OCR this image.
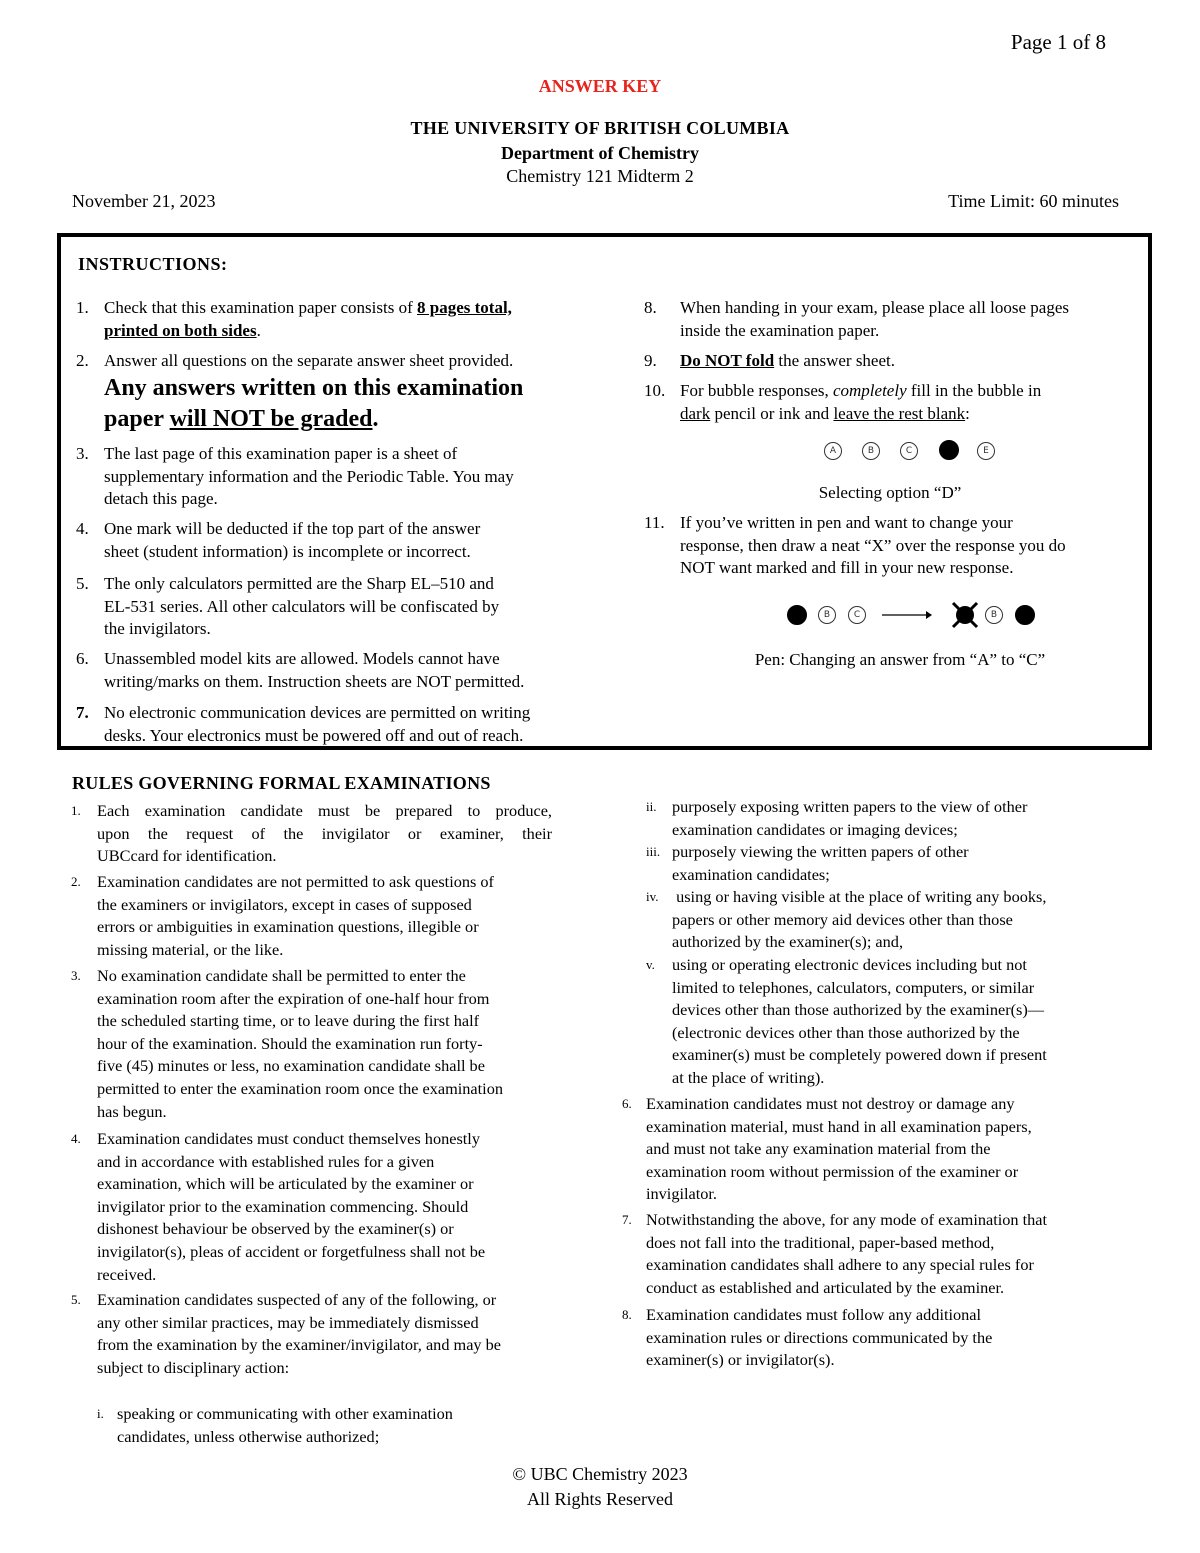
Page 1 of 8
ANSWER KEY
THE UNIVERSITY OF BRITISH COLUMBIA
Department of Chemistry
Chemistry 121 Midterm 2
November 21, 2023	Time Limit: 60 minutes
INSTRUCTIONS:
1. Check that this examination paper consists of 8 pages total,
printed on both sides.
2. Answer all questions on the separate answer sheet provided.
Any answers written on this examination
paper will NOT be graded.
3. The last page of this examination paper is a sheet of
supplementary information and the Periodic Table. You may
detach this page.
4. One mark will be deducted if the top part of the answer
sheet (student information) is incomplete or incorrect.
5. The only calculators permitted are the Sharp EL–510 and
EL-531 series. All other calculators will be confiscated by
the invigilators.
6. Unassembled model kits are allowed. Models cannot have
writing/marks on them. Instruction sheets are NOT permitted.
7. No electronic communication devices are permitted on writing
desks. Your electronics must be powered off and out of reach.
8. When handing in your exam, please place all loose pages
inside the examination paper.
9. Do NOT fold the answer sheet.
10. For bubble responses, completely fill in the bubble in
dark pencil or ink and leave the rest blank:
A	B	C	E
Selecting option “D”
11. If you’ve written in pen and want to change your
response, then draw a neat “X” over the response you do
NOT want marked and fill in your new response.
B	C	B
Pen: Changing an answer from “A” to “C”
RULES GOVERNING FORMAL EXAMINATIONS
1. Each examination candidate must be prepared to produce,
upon the request of the invigilator or examiner, their
UBCcard for identification.
2. Examination candidates are not permitted to ask questions of
the examiners or invigilators, except in cases of supposed
errors or ambiguities in examination questions, illegible or
missing material, or the like.
3. No examination candidate shall be permitted to enter the
examination room after the expiration of one-half hour from
the scheduled starting time, or to leave during the first half
hour of the examination. Should the examination run forty-
five (45) minutes or less, no examination candidate shall be
permitted to enter the examination room once the examination
has begun.
4. Examination candidates must conduct themselves honestly
and in accordance with established rules for a given
examination, which will be articulated by the examiner or
invigilator prior to the examination commencing. Should
dishonest behaviour be observed by the examiner(s) or
invigilator(s), pleas of accident or forgetfulness shall not be
received.
5. Examination candidates suspected of any of the following, or
any other similar practices, may be immediately dismissed
from the examination by the examiner/invigilator, and may be
subject to disciplinary action:
i. speaking or communicating with other examination
candidates, unless otherwise authorized;
ii. purposely exposing written papers to the view of other
examination candidates or imaging devices;
iii. purposely viewing the written papers of other
examination candidates;
iv. using or having visible at the place of writing any books,
papers or other memory aid devices other than those
authorized by the examiner(s); and,
v. using or operating electronic devices including but not
limited to telephones, calculators, computers, or similar
devices other than those authorized by the examiner(s)—
(electronic devices other than those authorized by the
examiner(s) must be completely powered down if present
at the place of writing).
6. Examination candidates must not destroy or damage any
examination material, must hand in all examination papers,
and must not take any examination material from the
examination room without permission of the examiner or
invigilator.
7. Notwithstanding the above, for any mode of examination that
does not fall into the traditional, paper-based method,
examination candidates shall adhere to any special rules for
conduct as established and articulated by the examiner.
8. Examination candidates must follow any additional
examination rules or directions communicated by the
examiner(s) or invigilator(s).
© UBC Chemistry 2023
All Rights Reserved
